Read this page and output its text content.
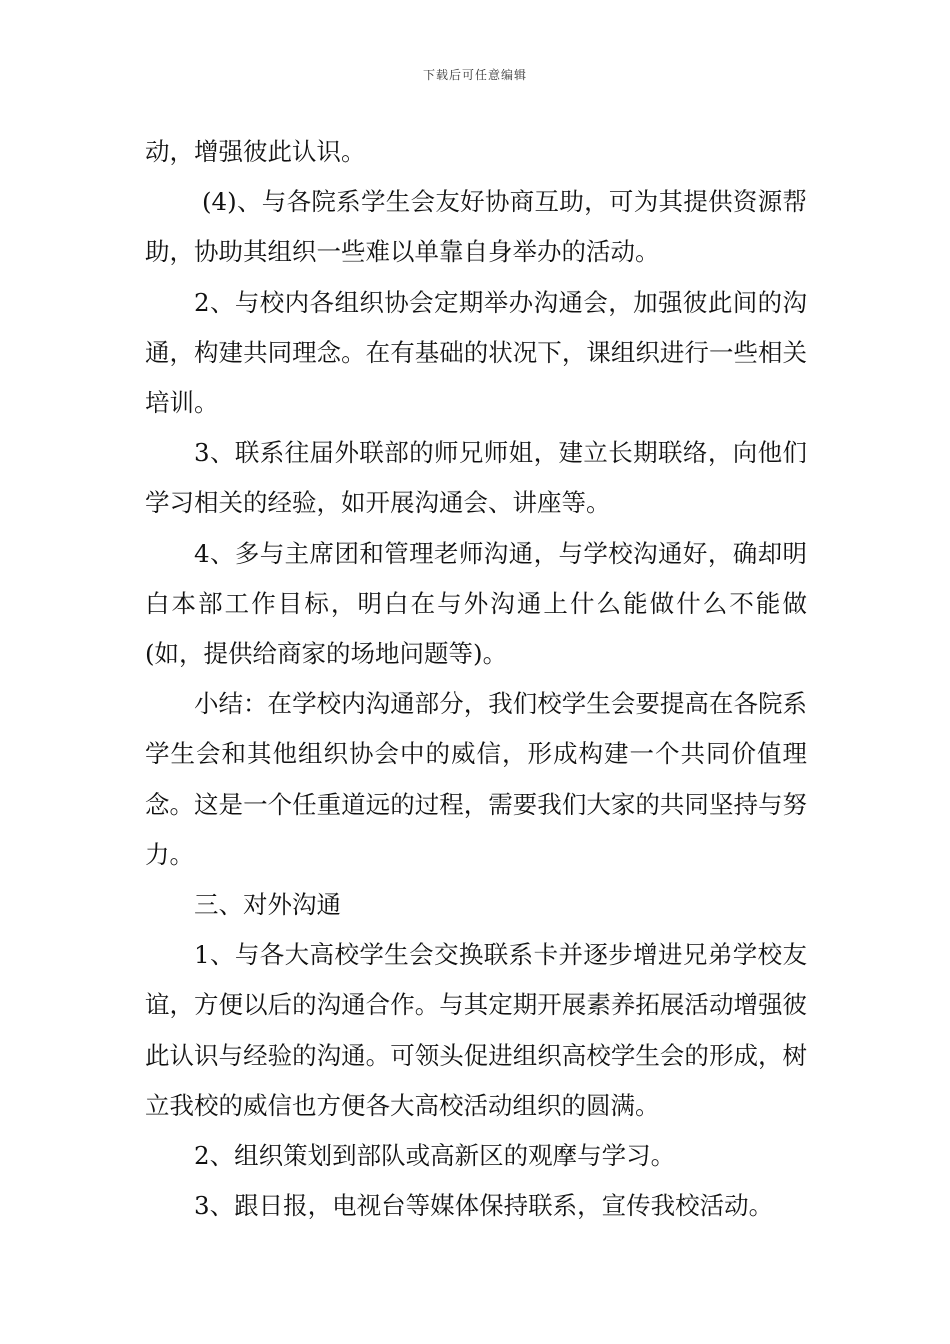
下载后可任意编辑

动，增强彼此认识。

(4)、与各院系学生会友好协商互助，可为其提供资源帮助，协助其组织一些难以单靠自身举办的活动。

2、与校内各组织协会定期举办沟通会，加强彼此间的沟通，构建共同理念。在有基础的状况下，课组织进行一些相关培训。

3、联系往届外联部的师兄师姐，建立长期联络，向他们学习相关的经验，如开展沟通会、讲座等。

4、多与主席团和管理老师沟通，与学校沟通好，确却明白本部工作目标，明白在与外沟通上什么能做什么不能做(如，提供给商家的场地问题等)。

小结：在学校内沟通部分，我们校学生会要提高在各院系学生会和其他组织协会中的威信，形成构建一个共同价值理念。这是一个任重道远的过程，需要我们大家的共同坚持与努力。

三、对外沟通

1、与各大高校学生会交换联系卡并逐步增进兄弟学校友谊，方便以后的沟通合作。与其定期开展素养拓展活动增强彼此认识与经验的沟通。可领头促进组织高校学生会的形成，树立我校的威信也方便各大高校活动组织的圆满。

2、组织策划到部队或高新区的观摩与学习。

3、跟日报，电视台等媒体保持联系，宣传我校活动。
